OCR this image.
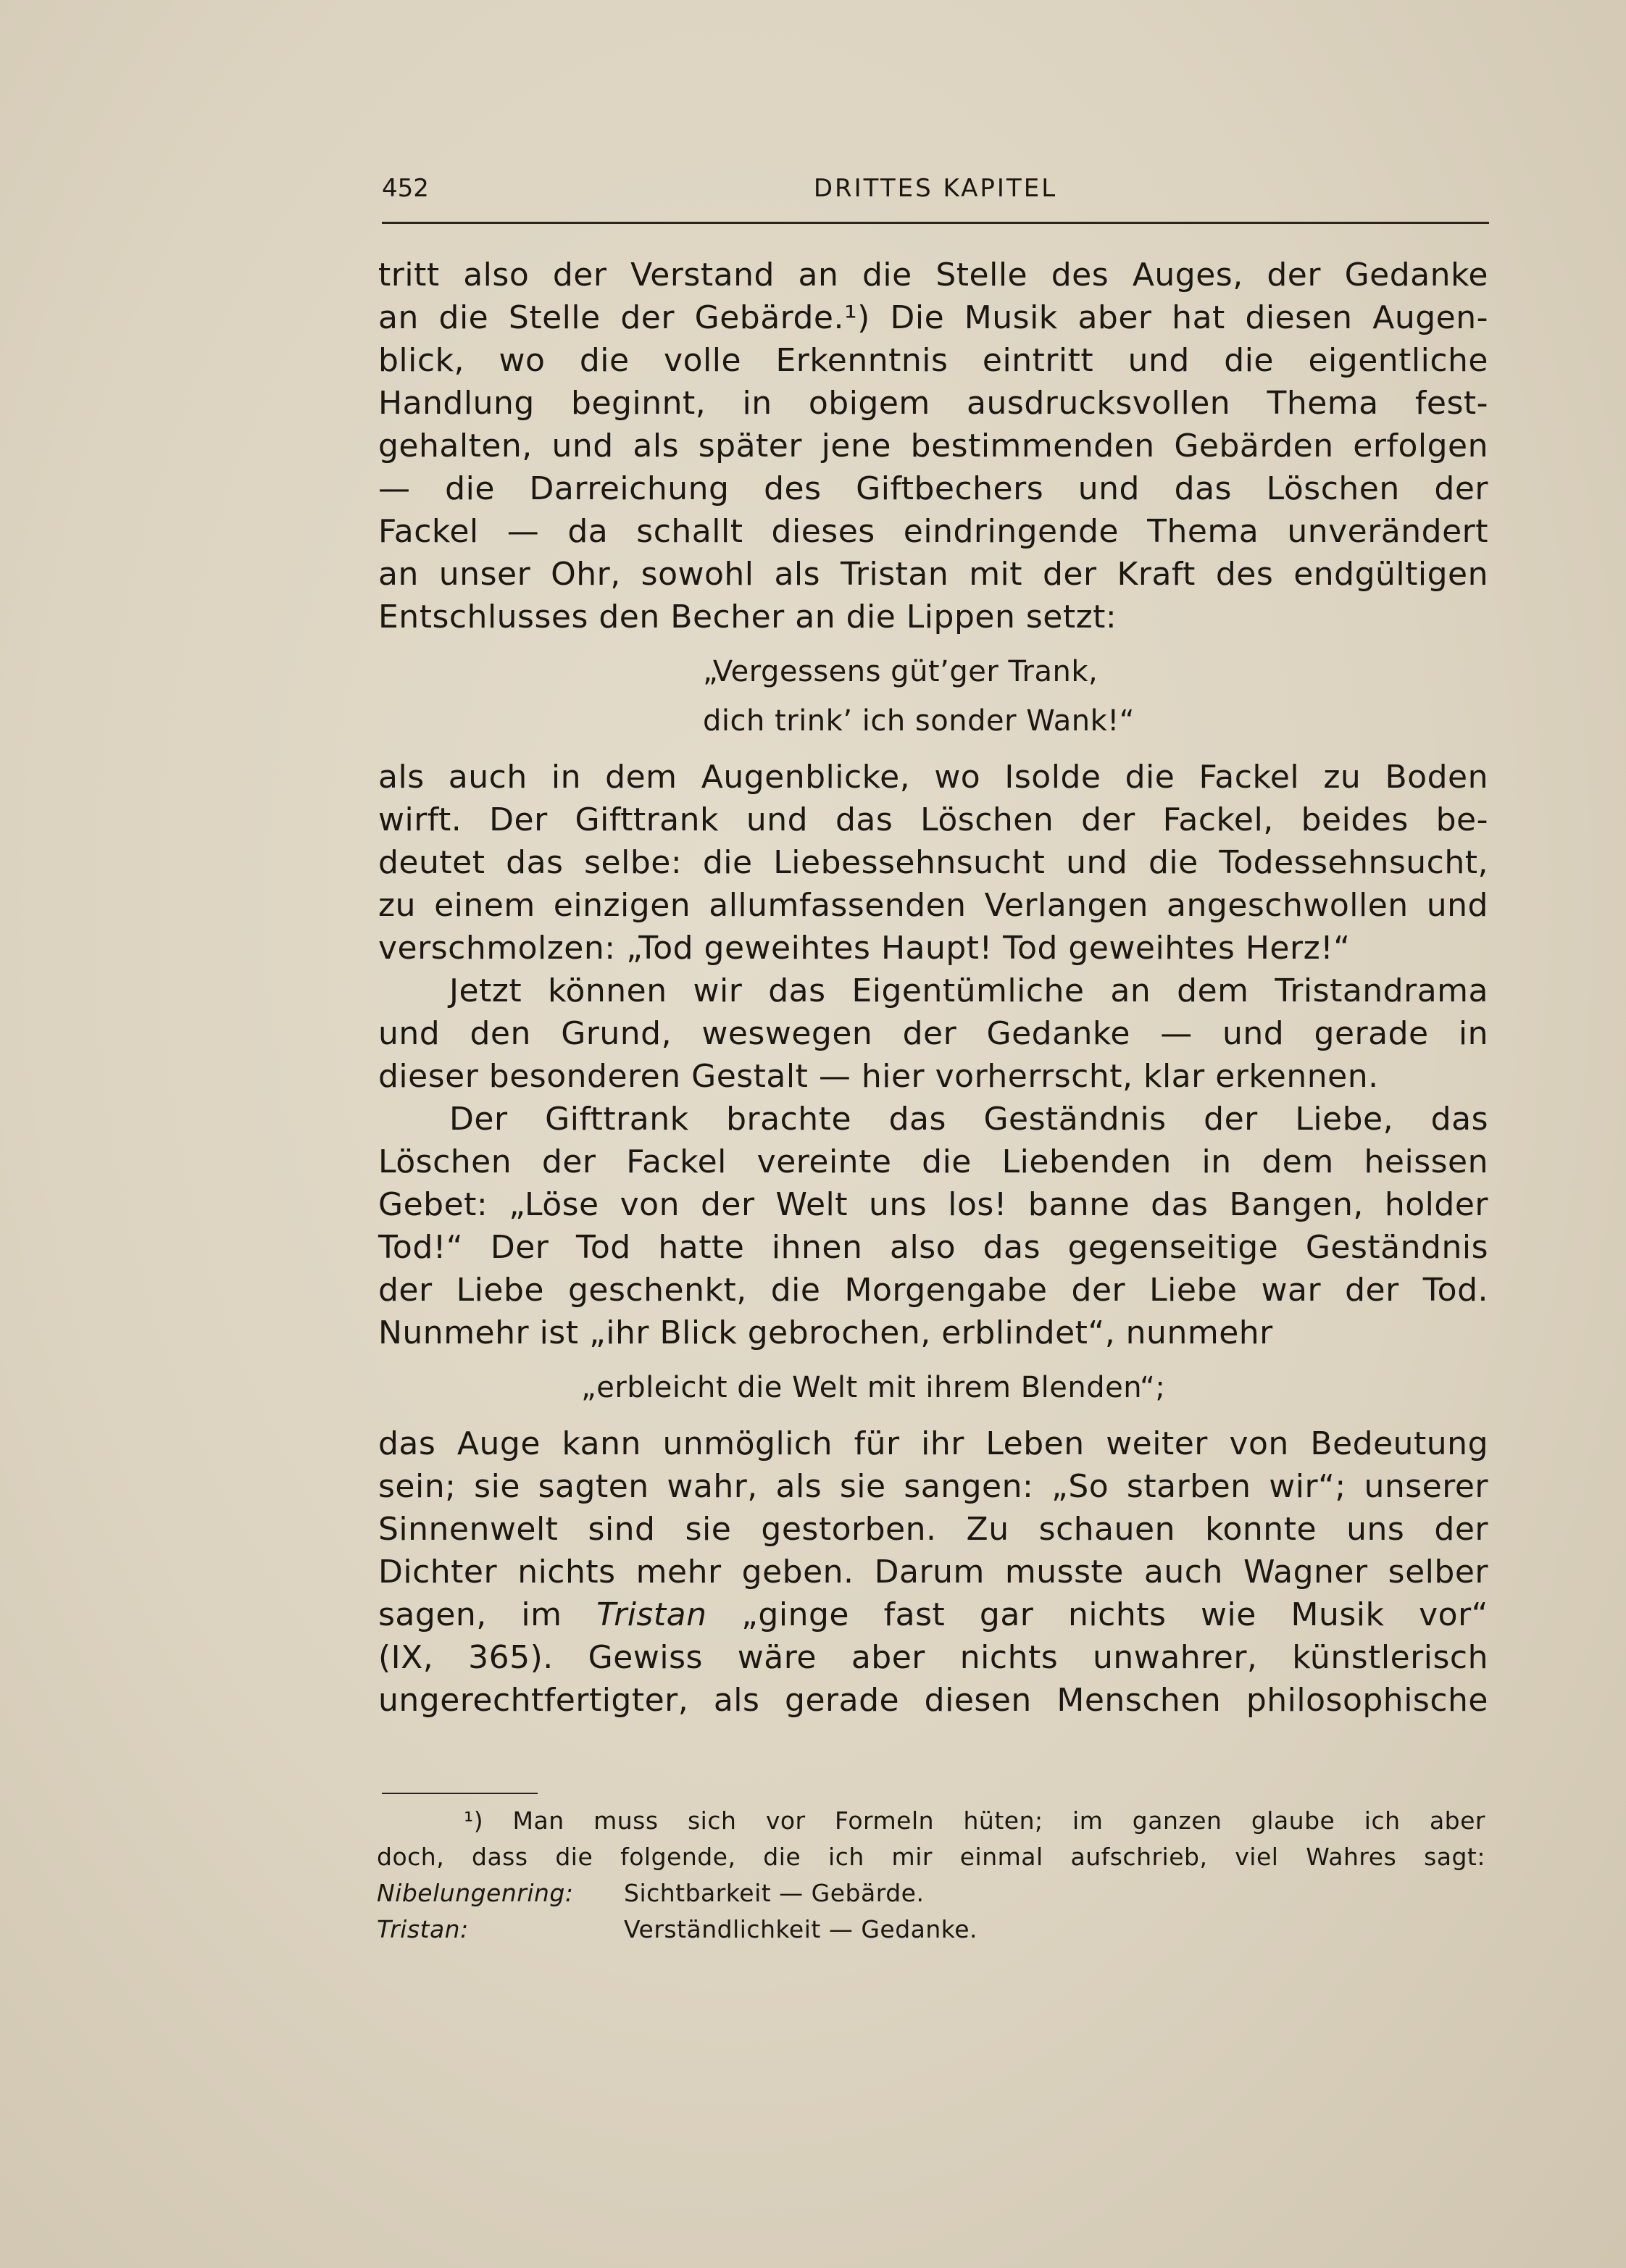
452	DRITTES KAPITEL
tritt also der Verstand an die Stelle des Auges, der Gedanke
an die Stelle der Gebärde.¹) Die Musik aber hat diesen Augen-
blick, wo die volle Erkenntnis eintritt und die eigentliche
Handlung beginnt, in obigem ausdrucksvollen Thema fest-
gehalten, und als später jene bestimmenden Gebärden erfolgen
— die Darreichung des Giftbechers und das Löschen der
Fackel — da schallt dieses eindringende Thema unverändert
an unser Ohr, sowohl als Tristan mit der Kraft des endgültigen
Entschlusses den Becher an die Lippen setzt:
„Vergessens güt’ger Trank,
dich trink’ ich sonder Wank!“
als auch in dem Augenblicke, wo Isolde die Fackel zu Boden
wirft. Der Gifttrank und das Löschen der Fackel, beides be-
deutet das selbe: die Liebessehnsucht und die Todessehnsucht,
zu einem einzigen allumfassenden Verlangen angeschwollen und
verschmolzen: „Tod geweihtes Haupt! Tod geweihtes Herz!“
Jetzt können wir das Eigentümliche an dem Tristandrama
und den Grund, weswegen der Gedanke — und gerade in
dieser besonderen Gestalt — hier vorherrscht, klar erkennen.
Der Gifttrank brachte das Geständnis der Liebe, das
Löschen der Fackel vereinte die Liebenden in dem heissen
Gebet: „Löse von der Welt uns los! banne das Bangen, holder
Tod!“ Der Tod hatte ihnen also das gegenseitige Geständnis
der Liebe geschenkt, die Morgengabe der Liebe war der Tod.
Nunmehr ist „ihr Blick gebrochen, erblindet“, nunmehr
„erbleicht die Welt mit ihrem Blenden“;
das Auge kann unmöglich für ihr Leben weiter von Bedeutung
sein; sie sagten wahr, als sie sangen: „So starben wir“; unserer
Sinnenwelt sind sie gestorben. Zu schauen konnte uns der
Dichter nichts mehr geben. Darum musste auch Wagner selber
sagen, im Tristan „ginge fast gar nichts wie Musik vor“
(IX, 365). Gewiss wäre aber nichts unwahrer, künstlerisch
ungerechtfertigter, als gerade diesen Menschen philosophische
¹) Man muss sich vor Formeln hüten; im ganzen glaube ich aber
doch, dass die folgende, die ich mir einmal aufschrieb, viel Wahres sagt:
Nibelungenring: Sichtbarkeit — Gebärde.
Tristan:	Verständlichkeit — Gedanke.
